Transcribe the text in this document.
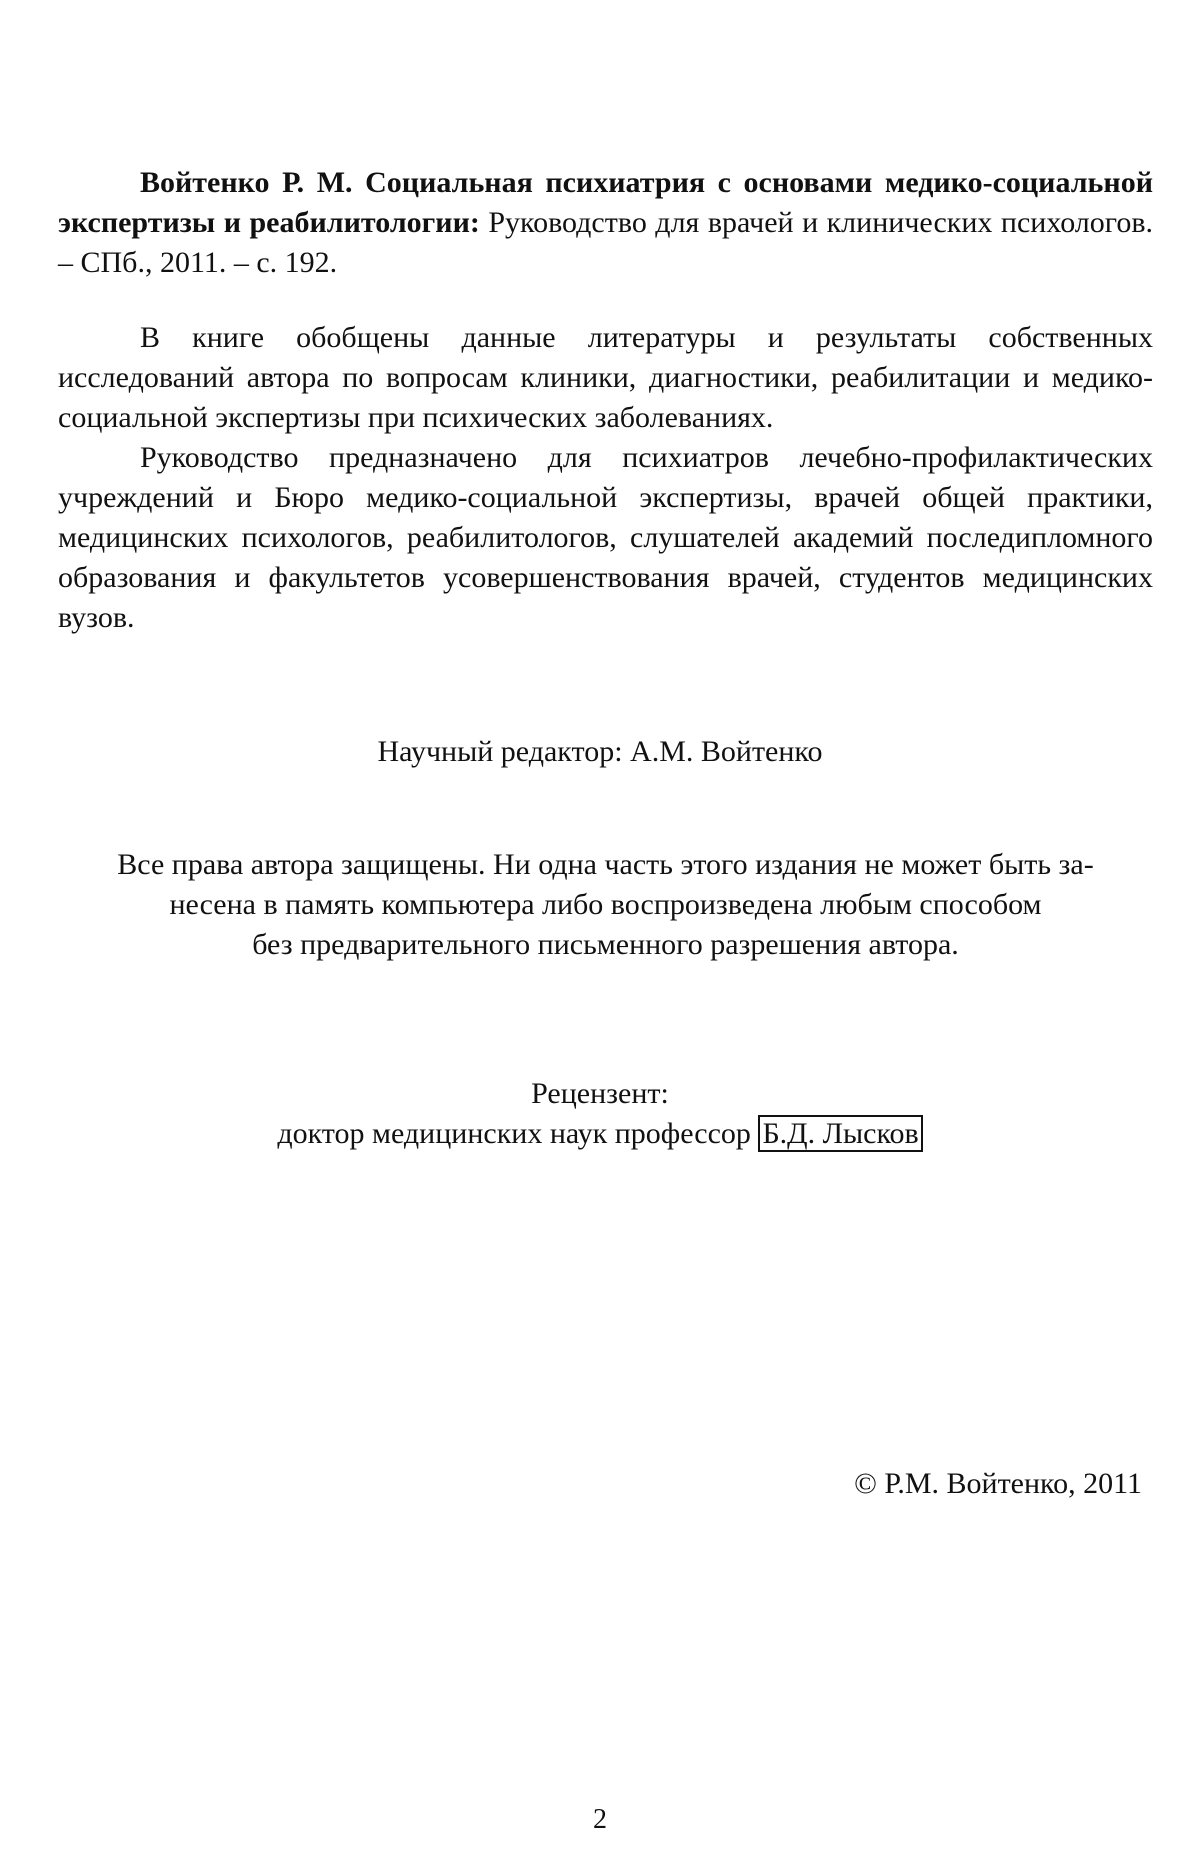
Войтенко Р. М. Социальная психиатрия с основами медико-социальной экспертизы и реабилитологии: Руководство для врачей и клинических психологов. – СПб., 2011. – с. 192.

В книге обобщены данные литературы и результаты собственных исследований автора по вопросам клиники, диагностики, реабилитации и медико-социальной экспертизы при психических заболеваниях.

Руководство предназначено для психиатров лечебно-профилактических учреждений и Бюро медико-социальной экспертизы, врачей общей практики, медицинских психологов, реабилитологов, слушателей академий последипломного образования и факультетов усовершенствования врачей, студентов медицинских вузов.

Научный редактор: А.М. Войтенко
Все права автора защищены. Ни одна часть этого издания не может быть за-
несена в память компьютера либо воспроизведена любым способом
без предварительного письменного разрешения автора.
Рецензент:
доктор медицинских наук профессор Б.Д. Лысков
© Р.М. Войтенко, 2011
2
